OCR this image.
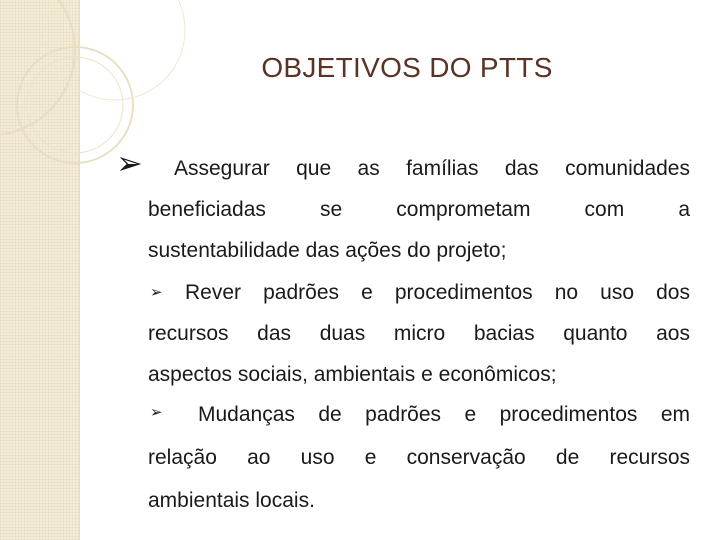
OBJETIVOS DO PTTS
➢ Assegurar que as famílias das comunidades
beneficiadas se comprometam com a
sustentabilidade das ações do projeto;
➢ Rever padrões e procedimentos no uso dos
recursos das duas micro bacias quanto aos
aspectos sociais, ambientais e econômicos;
➢ Mudanças de padrões e procedimentos em
relação ao uso e conservação de recursos
ambientais locais.
